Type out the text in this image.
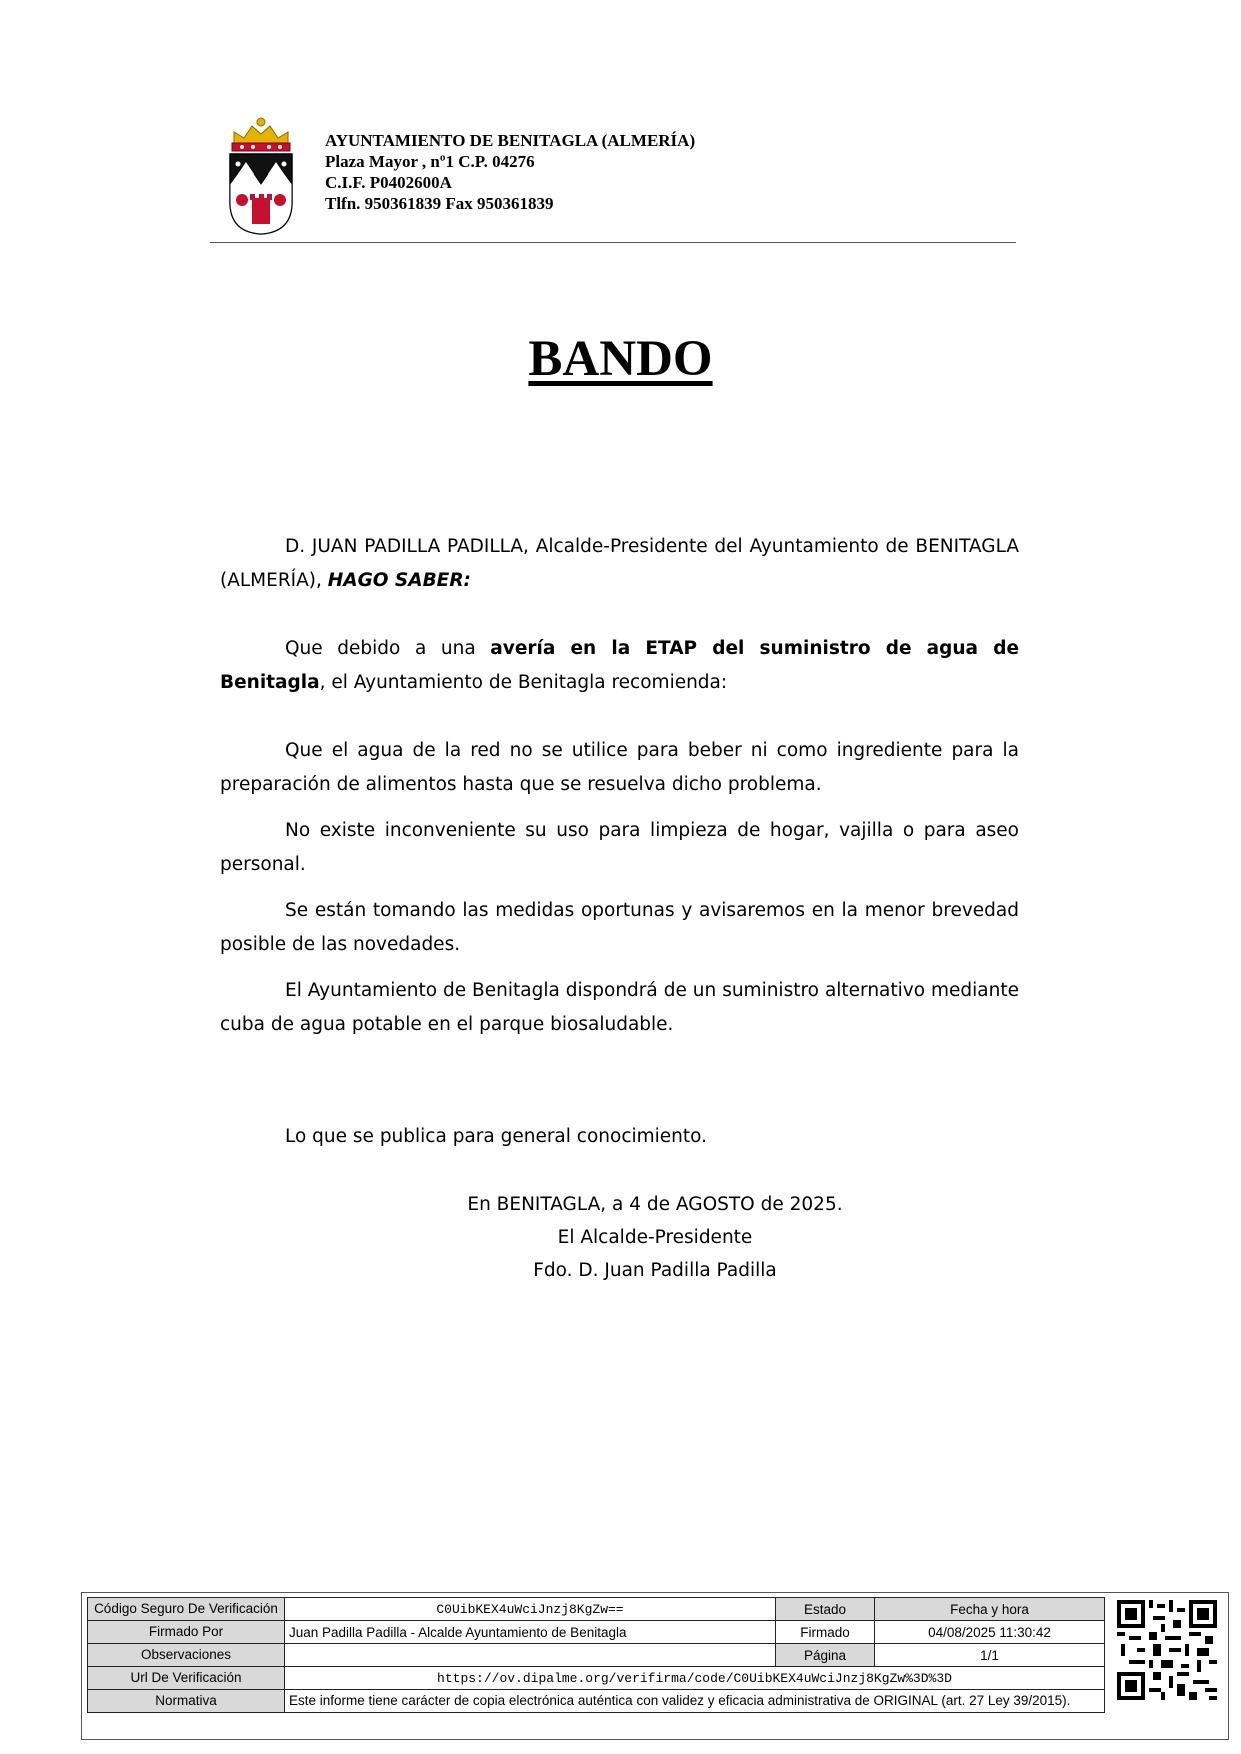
AYUNTAMIENTO DE BENITAGLA (ALMERÍA)
Plaza Mayor , nº1 C.P. 04276
C.I.F. P0402600A
Tlfn. 950361839 Fax 950361839
BANDO

D. JUAN PADILLA PADILLA, Alcalde-Presidente del Ayuntamiento de BENITAGLA (ALMERÍA), HAGO SABER:

Que debido a una avería en la ETAP del suministro de agua de Benitagla, el Ayuntamiento de Benitagla recomienda:

Que el agua de la red no se utilice para beber ni como ingrediente para la preparación de alimentos hasta que se resuelva dicho problema.

No existe inconveniente su uso para limpieza de hogar, vajilla o para aseo personal.

Se están tomando las medidas oportunas y avisaremos en la menor brevedad posible de las novedades.

El Ayuntamiento de Benitagla dispondrá de un suministro alternativo mediante cuba de agua potable en el parque biosaludable.

Lo que se publica para general conocimiento.

En BENITAGLA, a 4 de AGOSTO de 2025.
El Alcalde-Presidente
Fdo. D. Juan Padilla Padilla
Código Seguro De Verificación	C0UibKEX4uWciJnzj8KgZw==	Estado	Fecha y hora
Firmado Por	Juan Padilla Padilla - Alcalde Ayuntamiento de Benitagla	Firmado	04/08/2025 11:30:42
Observaciones		Página	1/1
Url De Verificación	https://ov.dipalme.org/verifirma/code/C0UibKEX4uWciJnzj8KgZw%3D%3D		
Normativa	Este informe tiene carácter de copia electrónica auténtica con validez y eficacia administrativa de ORIGINAL (art. 27 Ley 39/2015).		
